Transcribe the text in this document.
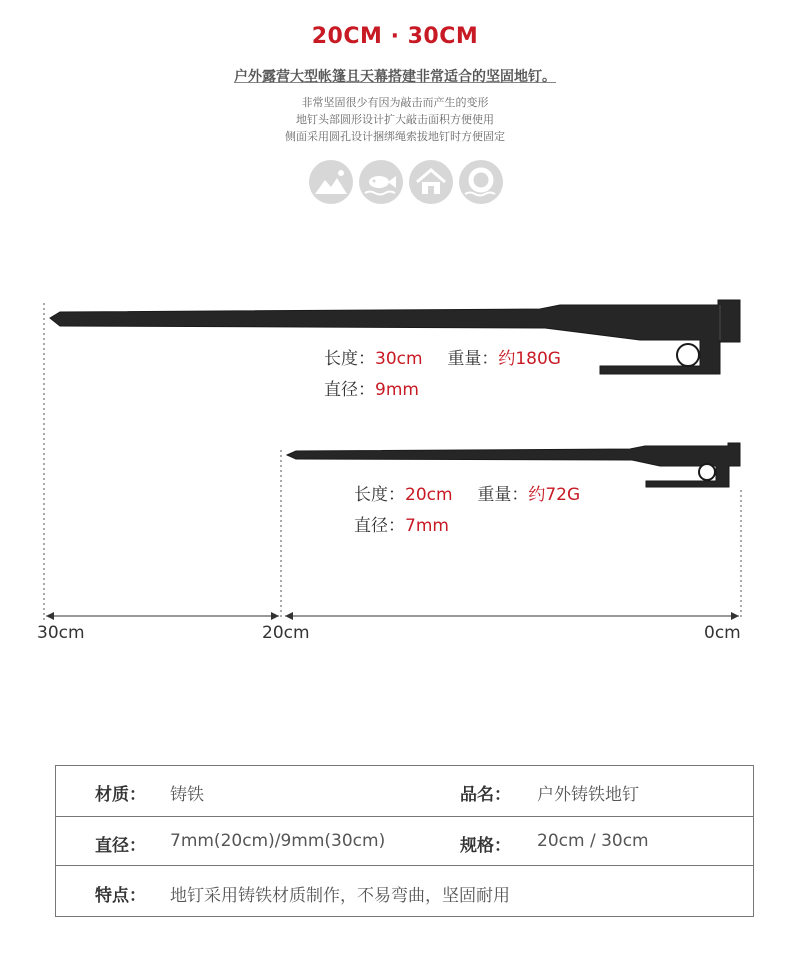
20CM · 30CM
户外露营大型帐篷且天幕搭建非常适合的坚固地钉。
非常坚固很少有因为敲击而产生的变形
地钉头部圆形设计扩大敲击面积方便使用
侧面采用圆孔设计捆绑绳索拔地钉时方便固定
长度：30cm 重量：约180G
直径：9mm
长度：20cm 重量：约72G
直径：7mm
30cm	20cm	0cm
材质： 铸铁	品名： 户外铸铁地钉
直径： 7mm(20cm)/9mm(30cm)	规格： 20cm / 30cm
特点： 地钉采用铸铁材质制作，不易弯曲，坚固耐用
